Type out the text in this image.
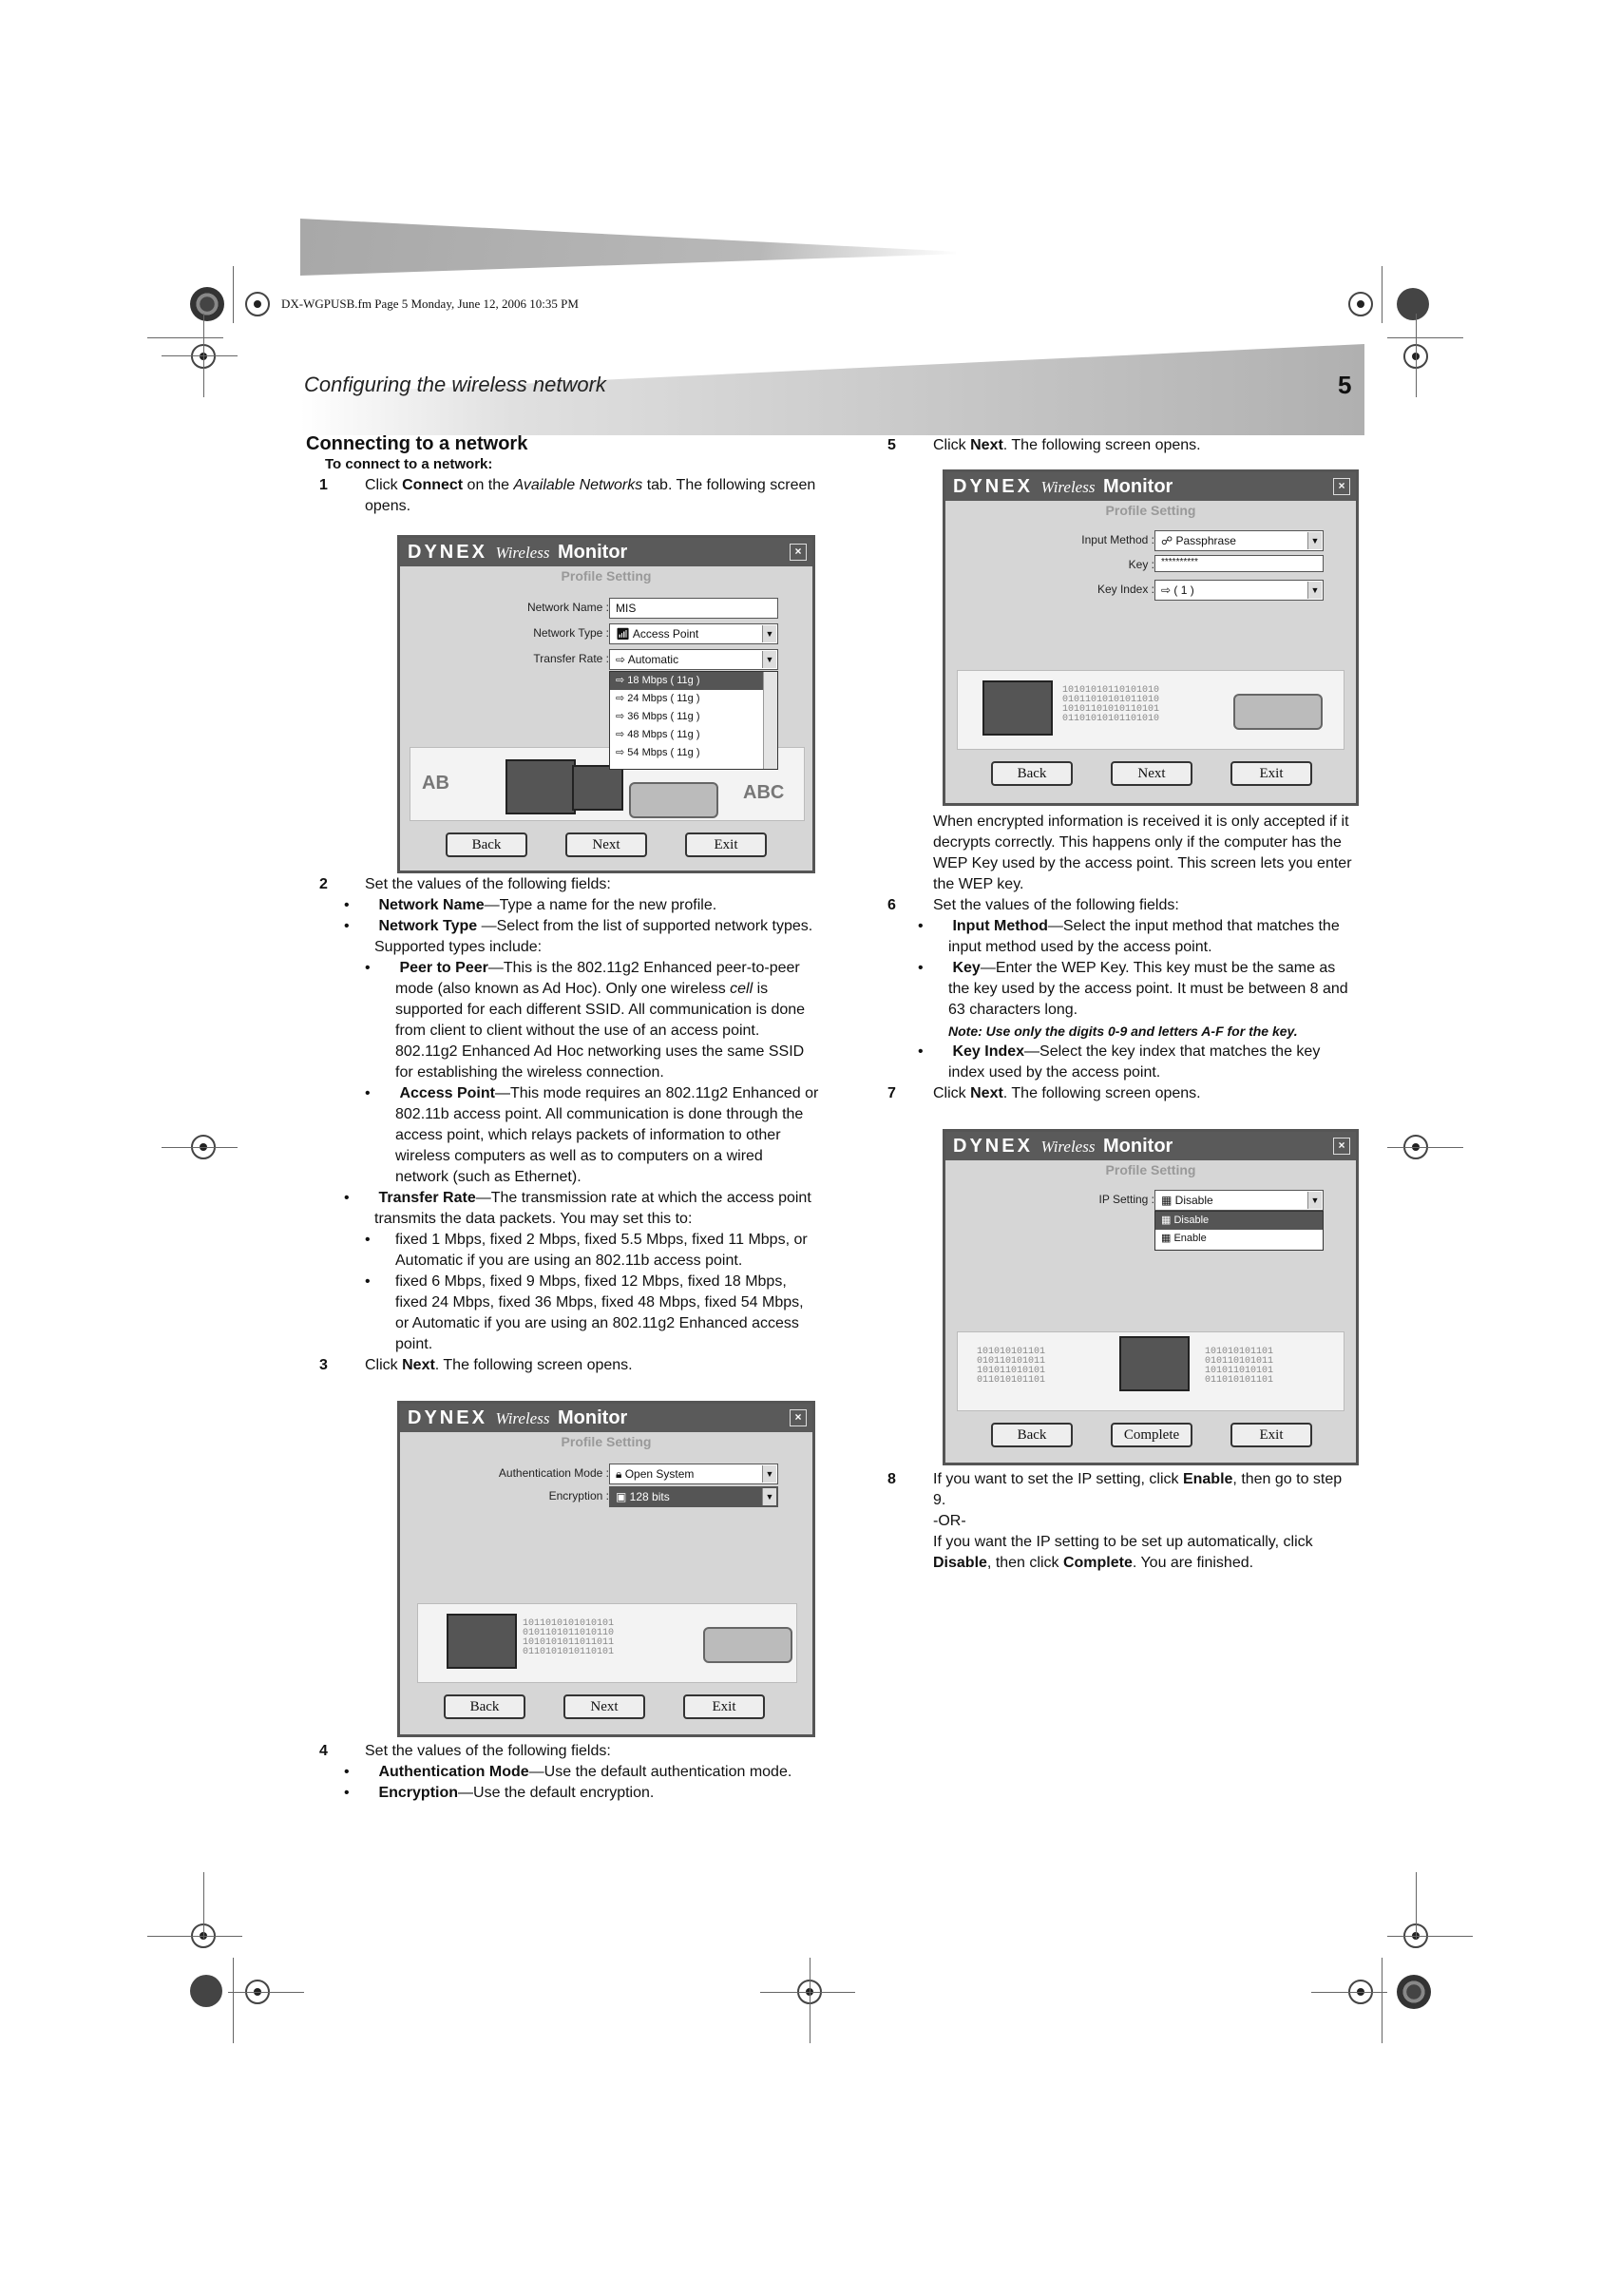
DX-WGPUSB.fm Page 5 Monday, June 12, 2006 10:35 PM
Configuring the wireless network	5

Connecting to a network

To connect to a network:

1 Click Connect on the Available Networks tab. The following screen opens.

DYNEX Wireless Monitor	×
Profile Setting
Network Name : MIS
Network Type : 📶︎ Access Point	▼
Transfer Rate : ⇨ Automatic	▼
AB	ABC
⇨ 18 Mbps ( 11g )
⇨ 24 Mbps ( 11g )
⇨ 36 Mbps ( 11g )
⇨ 48 Mbps ( 11g )
⇨ 54 Mbps ( 11g )
Back	Next	Exit

2 Set the values of the following fields:

• Network Name—Type a name for the new profile.

• Network Type —Select from the list of supported network types. Supported types include:

• Peer to Peer—This is the 802.11g2 Enhanced peer-to-peer mode (also known as Ad Hoc). Only one wireless cell is supported for each different SSID. All communication is done from client to client without the use of an access point. 802.11g2 Enhanced Ad Hoc networking uses the same SSID for establishing the wireless connection.

• Access Point—This mode requires an 802.11g2 Enhanced or 802.11b access point. All communication is done through the access point, which relays packets of information to other wireless computers as well as to computers on a wired network (such as Ethernet).

• Transfer Rate—The transmission rate at which the access point transmits the data packets. You may set this to:

• fixed 1 Mbps, fixed 2 Mbps, fixed 5.5 Mbps, fixed 11 Mbps, or Automatic if you are using an 802.11b access point.

• fixed 6 Mbps, fixed 9 Mbps, fixed 12 Mbps, fixed 18 Mbps, fixed 24 Mbps, fixed 36 Mbps, fixed 48 Mbps, fixed 54 Mbps, or Automatic if you are using an 802.11g2 Enhanced access point.

3 Click Next. The following screen opens.

DYNEX Wireless Monitor	×
Profile Setting
Authentication Mode : 🔒︎ Open System	▼
Encryption : ▣ 128 bits	▼
1011010101010101
0101101011010110
1010101011011011
0110101010110101
Back	Next	Exit

4 Set the values of the following fields:

• Authentication Mode—Use the default authentication mode.

• Encryption—Use the default encryption.

5 Click Next. The following screen opens.

DYNEX Wireless Monitor	×
Profile Setting
Input Method : ☍ Passphrase	▼
Key : **********
Key Index : ⇨ ( 1 )	▼
10101010110101010
01011010101011010
10101101010110101
01101010101101010
Back	Next	Exit

When encrypted information is received it is only accepted if it decrypts correctly. This happens only if the computer has the WEP Key used by the access point. This screen lets you enter the WEP key.

6 Set the values of the following fields:

• Input Method—Select the input method that matches the input method used by the access point.

• Key—Enter the WEP Key. This key must be the same as the key used by the access point. It must be between 8 and 63 characters long.

Note: Use only the digits 0-9 and letters A-F for the key.

• Key Index—Select the key index that matches the key index used by the access point.

7 Click Next. The following screen opens.

DYNEX Wireless Monitor	×
Profile Setting
IP Setting : ▦ Disable	▼
▦ Disable
▦ Enable
101010101101
010110101011
101011010101
011010101101
101010101101
010110101011
101011010101
011010101101
Back	Complete	Exit

8 If you want to set the IP setting, click Enable, then go to step 9.

-OR-

If you want the IP setting to be set up automatically, click Disable, then click Complete. You are finished.
